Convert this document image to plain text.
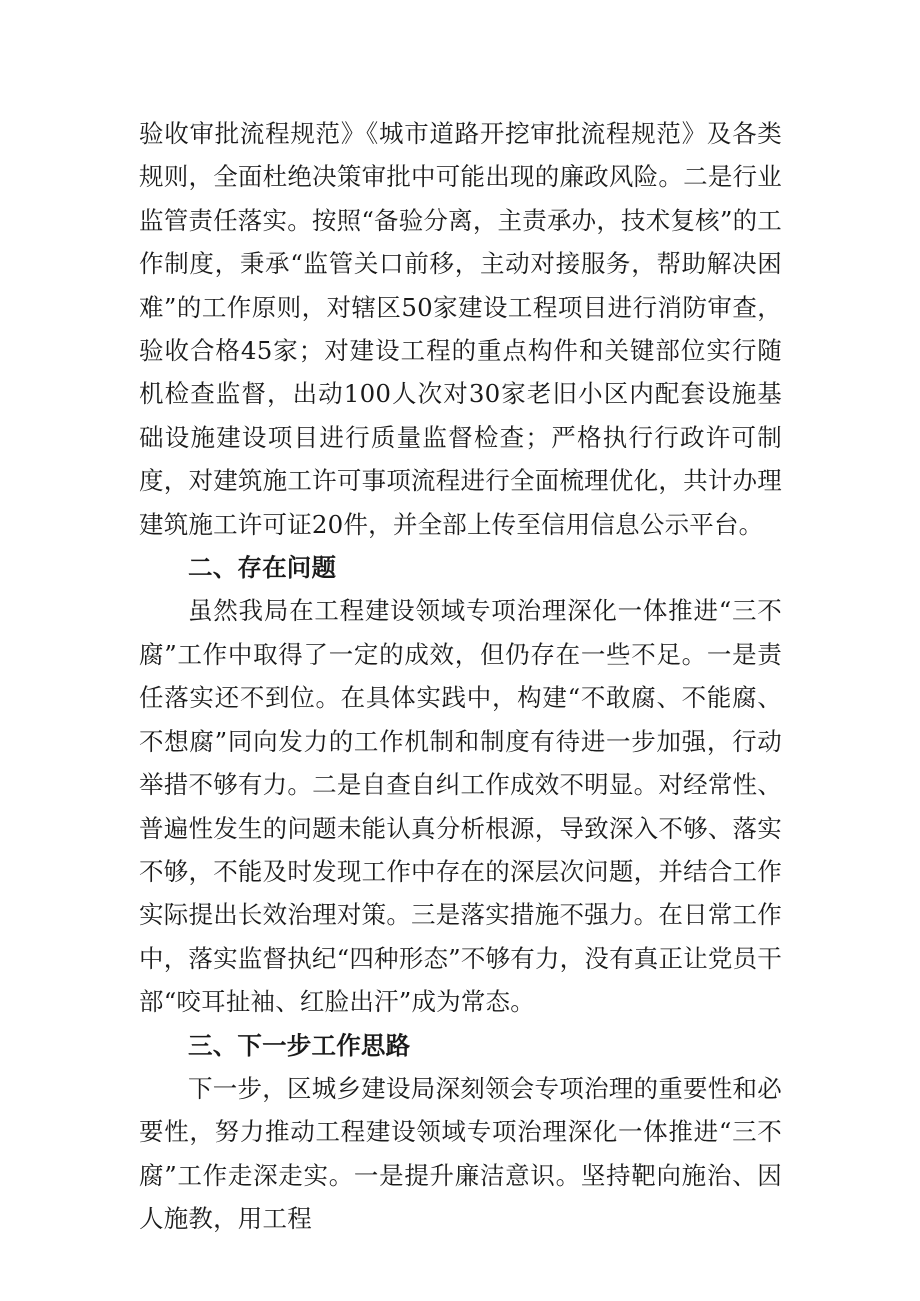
验收审批流程规范》《城市道路开挖审批流程规范》及各类规则，全面杜绝决策审批中可能出现的廉政风险。二是行业监管责任落实。按照“备验分离，主责承办，技术复核”的工作制度，秉承“监管关口前移，主动对接服务，帮助解决困难”的工作原则，对辖区50家建设工程项目进行消防审查，验收合格45家；对建设工程的重点构件和关键部位实行随机检查监督，出动100人次对30家老旧小区内配套设施基础设施建设项目进行质量监督检查；严格执行行政许可制度，对建筑施工许可事项流程进行全面梳理优化，共计办理建筑施工许可证20件，并全部上传至信用信息公示平台。

二、存在问题

虽然我局在工程建设领域专项治理深化一体推进“三不腐”工作中取得了一定的成效，但仍存在一些不足。一是责任落实还不到位。在具体实践中，构建“不敢腐、不能腐、不想腐”同向发力的工作机制和制度有待进一步加强，行动举措不够有力。二是自查自纠工作成效不明显。对经常性、普遍性发生的问题未能认真分析根源，导致深入不够、落实不够，不能及时发现工作中存在的深层次问题，并结合工作实际提出长效治理对策。三是落实措施不强力。在日常工作中，落实监督执纪“四种形态”不够有力，没有真正让党员干部“咬耳扯袖、红脸出汗”成为常态。

三、下一步工作思路

下一步，区城乡建设局深刻领会专项治理的重要性和必要性，努力推动工程建设领域专项治理深化一体推进“三不腐”工作走深走实。一是提升廉洁意识。坚持靶向施治、因人施教，用工程
